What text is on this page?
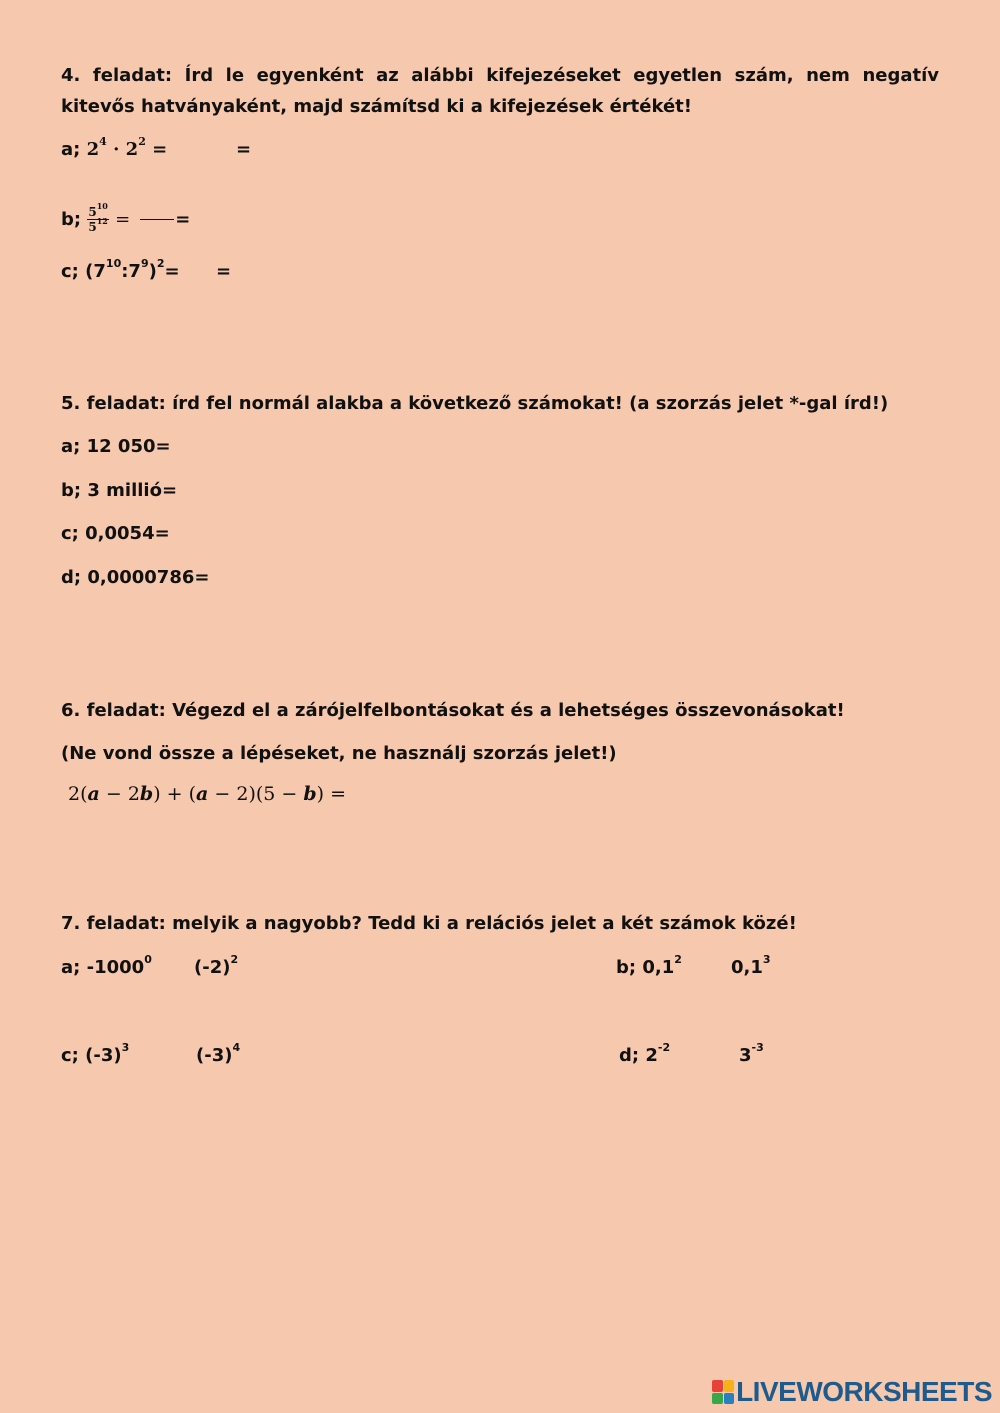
4. feladat: Írd le egyenként az alábbi kifejezéseket egyetlen szám, nem negatív kitevős hatványaként, majd számítsd ki a kifejezések értékét!
a; $2^4 \cdot 2^2$ =	=
b; $\frac{5^{10}}{5^{12}}$ =	=
c; $(7^{10}:7^9)^2=$ =
5. feladat: írd fel normál alakba a következő számokat! (a szorzás jelet *-gal írd!)
a; 12 050=
b; 3 millió=
c; 0,0054=
d; 0,0000786=
6. feladat: Végezd el a zárójelfelbontásokat és a lehetséges összevonásokat!
(Ne vond össze a lépéseket, ne használj szorzás jelet!)
2(a − 2b) + (a − 2)(5 − b) =
7. feladat: melyik a nagyobb? Tedd ki a relációs jelet a két számok közé!
a; -1000$^0$ $(-2)^2$	b; $0,1^2$	$0,1^3$
c; $(-3)^3$	$(-3)^4$	d; $2^{-2}$	$3^{-3}$
LIVEWORKSHEETS
